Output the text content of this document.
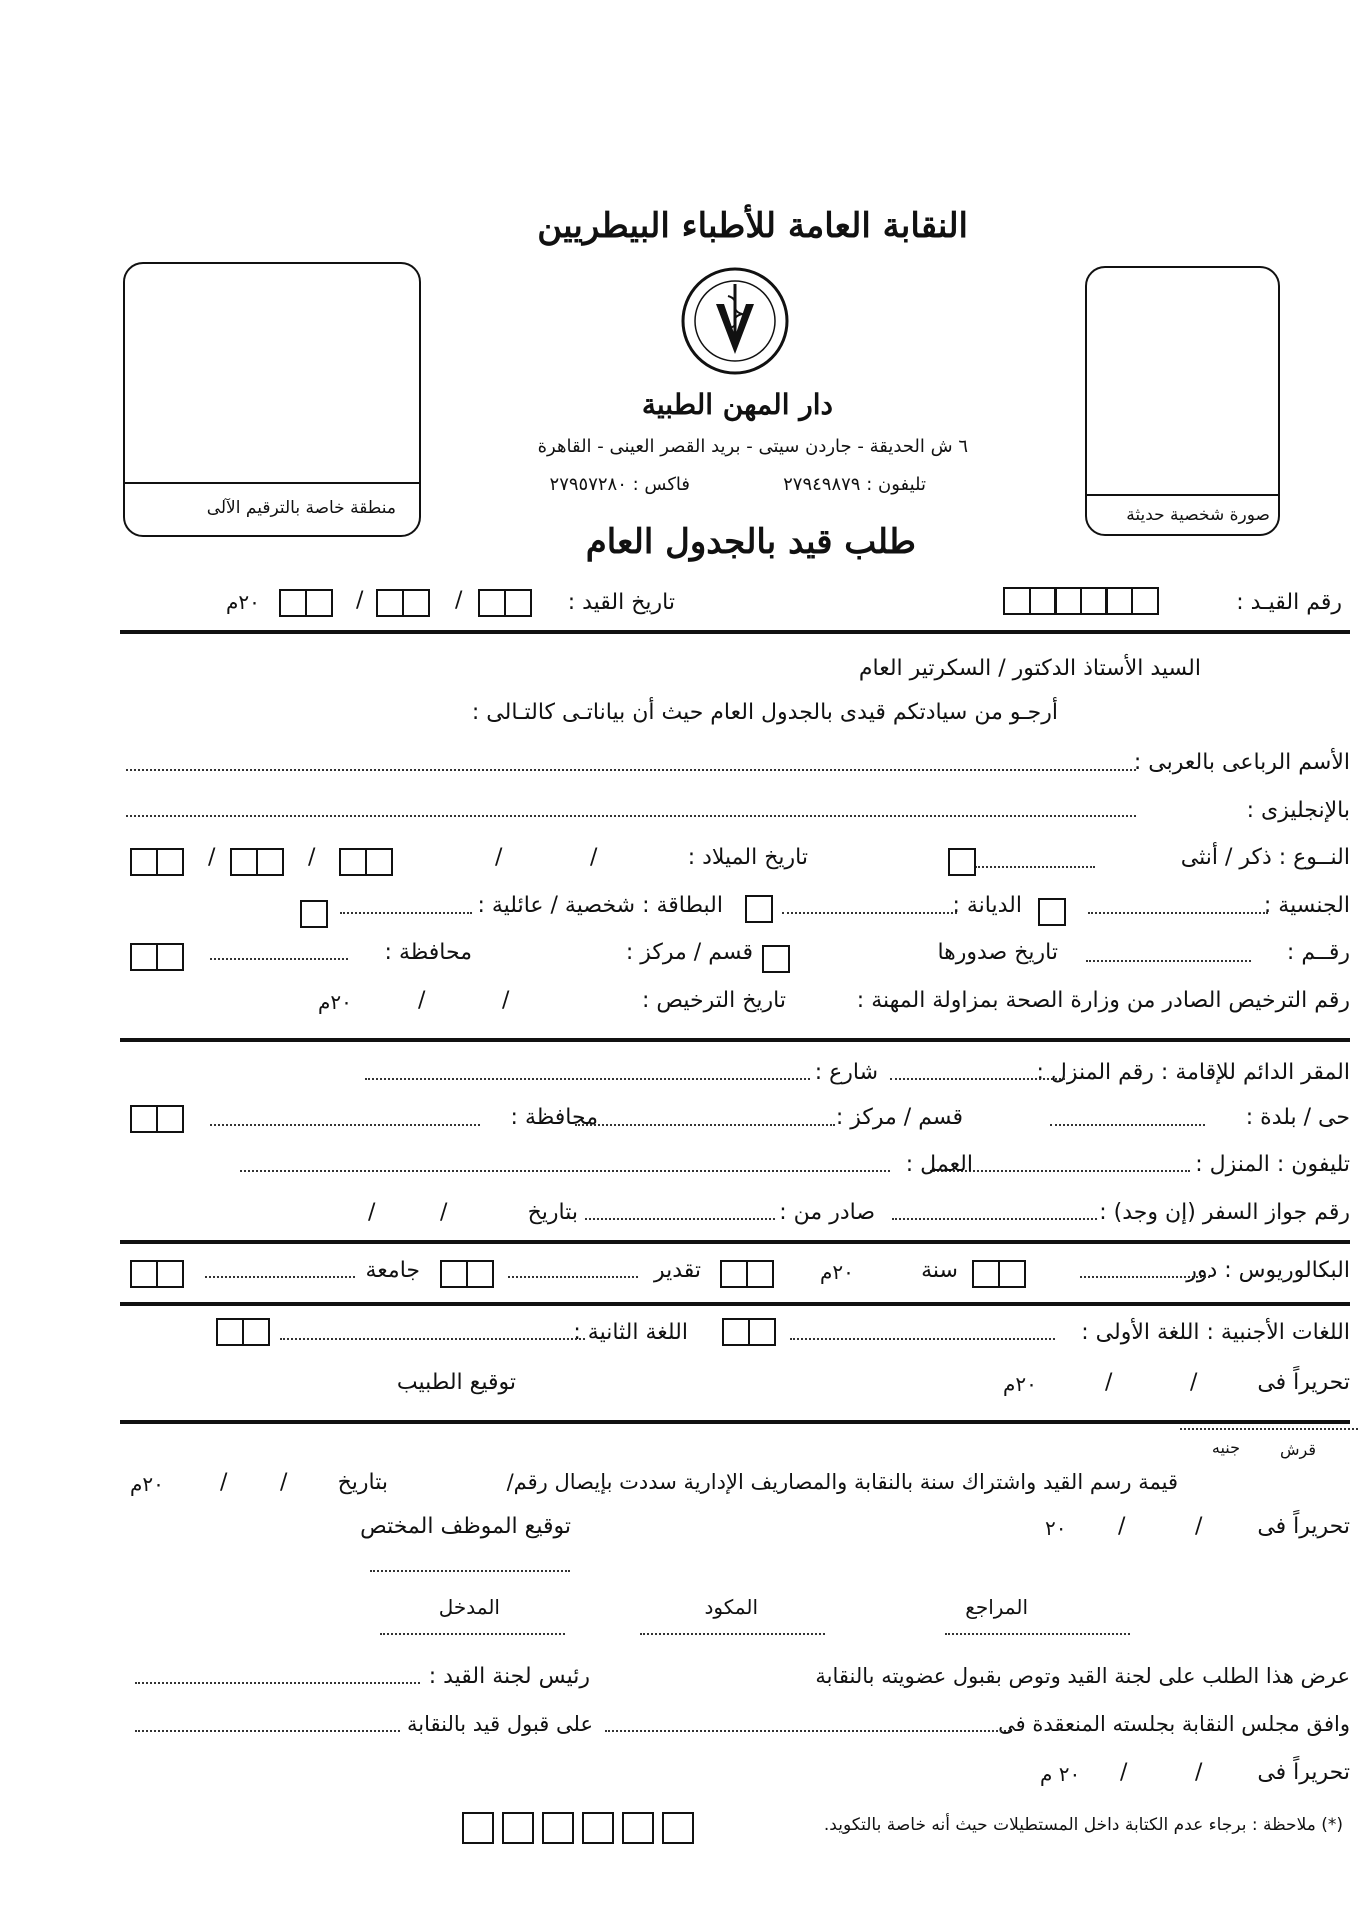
النقابة العامة للأطباء البيطريين
صورة شخصية حديثة
منطقة خاصة بالترقيم الآلى
دار المهن الطبية
٦ ش الحديقة - جاردن سيتى - بريد القصر العينى - القاهرة
تليفون : ٢٧٩٤٩٨٧٩
فاكس : ٢٧٩٥٧٢٨٠
طلب قيد بالجدول العام
رقم القيـد :
تاريخ القيد :
/
/
٢٠م
السيد الأستاذ الدكتور / السكرتير العام
أرجـو من سيادتكم قيدى بالجدول العام حيث أن بياناتـى كالتـالى :
الأسم الرباعى بالعربى :
بالإنجليزى :
النــوع : ذكر / أنثى
تاريخ الميلاد :
/
/
/
/
الجنسية :
الديانة :
البطاقة : شخصية / عائلية :
رقــم :
تاريخ صدورها
قسم / مركز :
محافظة :
رقم الترخيص الصادر من وزارة الصحة بمزاولة المهنة :
تاريخ الترخيص :
/
/
٢٠م
المقر الدائم للإقامة : رقم المنزل :
شارع :
حى / بلدة :
قسم / مركز :
محافظة :
تليفون : المنزل :
العمل :
رقم جواز السفر (إن وجد) :
صادر من :
بتاريخ
/
/
البكالوريوس : دور
سنة
٢٠م
تقدير
جامعة
اللغات الأجنبية : اللغة الأولى :
اللغة الثانية :
تحريراً فى
/
/
٢٠م
توقيع الطبيب
قرش
جنيه
قيمة رسم القيد واشتراك سنة بالنقابة والمصاريف الإدارية سددت بإيصال رقم/
بتاريخ
/
/
٢٠م
تحريراً فى
/
/
٢٠
توقيع الموظف المختص
المراجع
المكود
المدخل
عرض هذا الطلب على لجنة القيد وتوص بقبول عضويته بالنقابة
رئيس لجنة القيد :
وافق مجلس النقابة بجلسته المنعقدة فى
على قبول قيد بالنقابة
تحريراً فى
/
/
٢٠ م
(*) ملاحظة : برجاء عدم الكتابة داخل المستطيلات حيث أنه خاصة بالتكويد.
